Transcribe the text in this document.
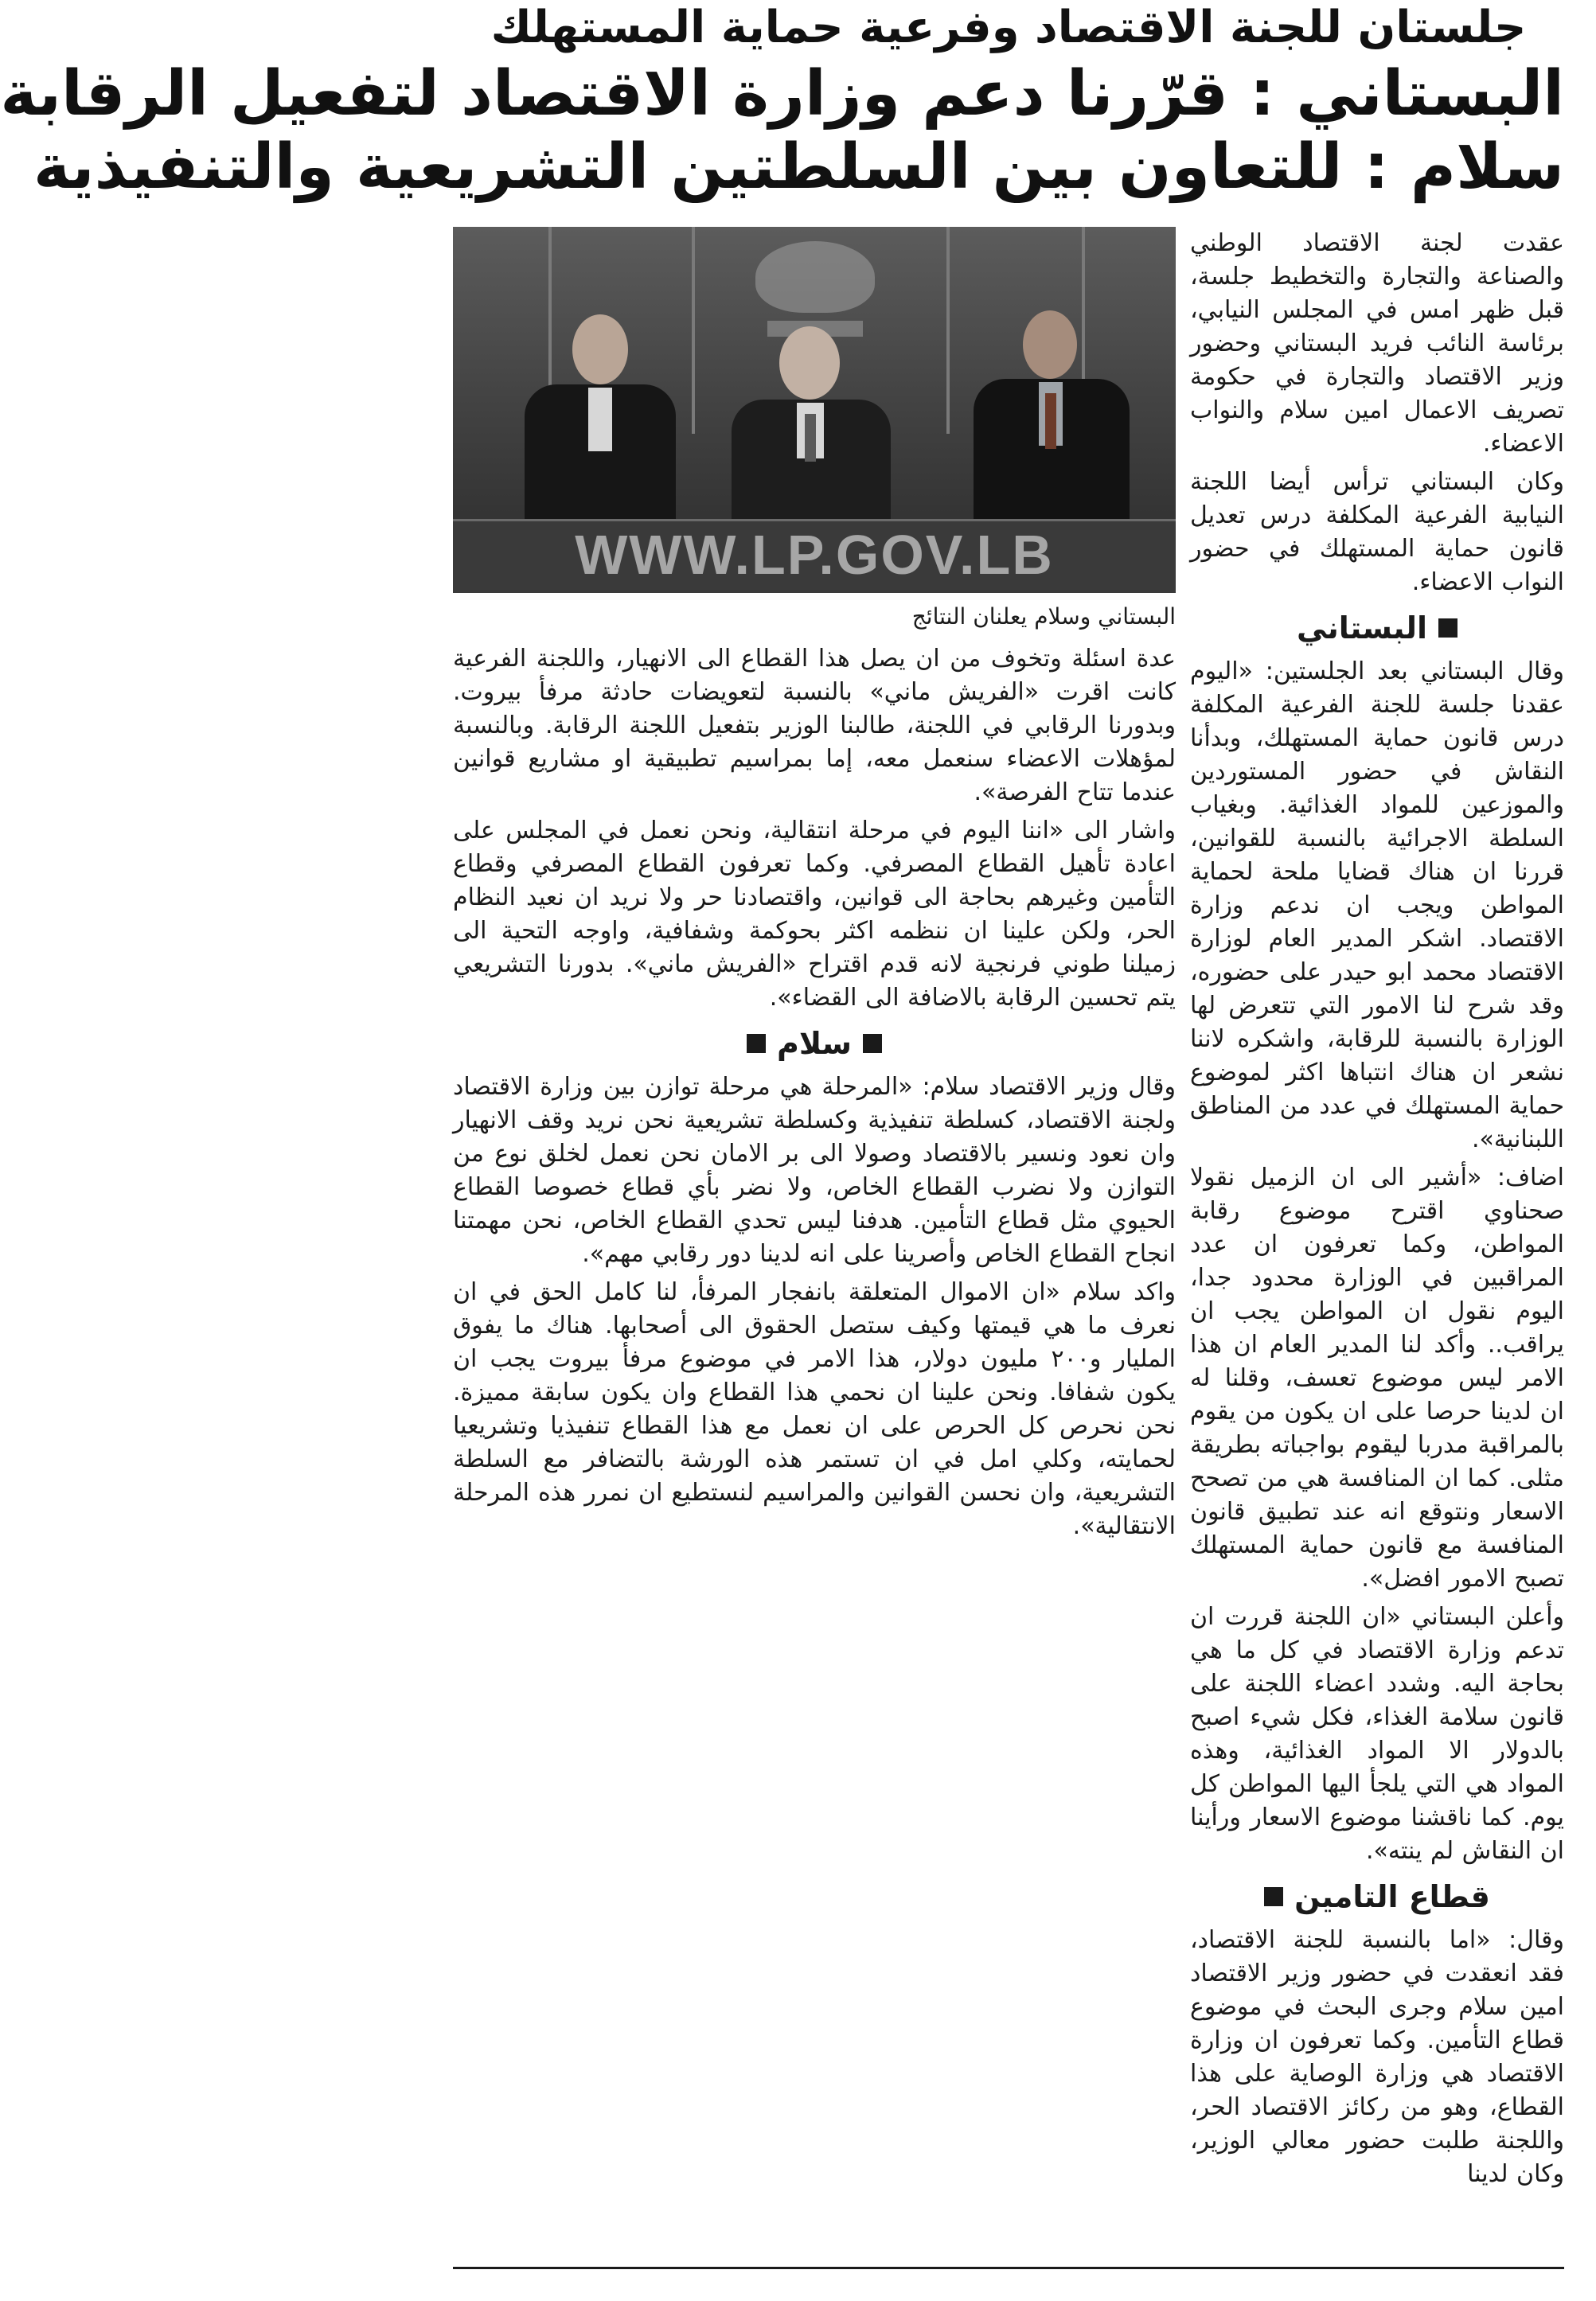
جلستان للجنة الاقتصاد وفرعية حماية المستهلك
البستاني : قرّرنا دعم وزارة الاقتصاد لتفعيل الرقابة
سلام : للتعاون بين السلطتين التشريعية والتنفيذية

عقدت لجنة الاقتصاد الوطني والصناعة والتجارة والتخطيط جلسة، قبل ظهر امس في المجلس النيابي، برئاسة النائب فريد البستاني وحضور وزير الاقتصاد والتجارة في حكومة تصريف الاعمال امين سلام والنواب الاعضاء.

وكان البستاني ترأس أيضا اللجنة النيابية الفرعية المكلفة درس تعديل قانون حماية المستهلك في حضور النواب الاعضاء.

البستاني

وقال البستاني بعد الجلستين: «اليوم عقدنا جلسة للجنة الفرعية المكلفة درس قانون حماية المستهلك، وبدأنا النقاش في حضور المستوردين والموزعين للمواد الغذائية. وبغياب السلطة الاجرائية بالنسبة للقوانين، قررنا ان هناك قضايا ملحة لحماية المواطن ويجب ان ندعم وزارة الاقتصاد. اشكر المدير العام لوزارة الاقتصاد محمد ابو حيدر على حضوره، وقد شرح لنا الامور التي تتعرض لها الوزارة بالنسبة للرقابة، واشكره لاننا نشعر ان هناك انتباها اكثر لموضوع حماية المستهلك في عدد من المناطق اللبنانية».

اضاف: «أشير الى ان الزميل نقولا صحناوي اقترح موضوع رقابة المواطن، وكما تعرفون ان عدد المراقبين في الوزارة محدود جدا، اليوم نقول ان المواطن يجب ان يراقب.. وأكد لنا المدير العام ان هذا الامر ليس موضوع تعسف، وقلنا له ان لدينا حرصا على ان يكون من يقوم بالمراقبة مدربا ليقوم بواجباته بطريقة مثلى. كما ان المنافسة هي من تصحح الاسعار ونتوقع انه عند تطبيق قانون المنافسة مع قانون حماية المستهلك تصبح الامور افضل».

وأعلن البستاني «ان اللجنة قررت ان تدعم وزارة الاقتصاد في كل ما هي بحاجة اليه. وشدد اعضاء اللجنة على قانون سلامة الغذاء، فكل شيء اصبح بالدولار الا المواد الغذائية، وهذه المواد هي التي يلجأ اليها المواطن كل يوم. كما ناقشنا موضوع الاسعار ورأينا ان النقاش لم ينته».

قطاع التامين

وقال: «اما بالنسبة للجنة الاقتصاد، فقد انعقدت في حضور وزير الاقتصاد امين سلام وجرى البحث في موضوع قطاع التأمين. وكما تعرفون ان وزارة الاقتصاد هي وزارة الوصاية على هذا القطاع، وهو من ركائز الاقتصاد الحر، واللجنة طلبت حضور معالي الوزير، وكان لدينا

WWW.LP.GOV.LB
البستاني وسلام يعلنان النتائج

عدة اسئلة وتخوف من ان يصل هذا القطاع الى الانهيار، واللجنة الفرعية كانت اقرت «الفريش ماني» بالنسبة لتعويضات حادثة مرفأ بيروت. وبدورنا الرقابي في اللجنة، طالبنا الوزير بتفعيل اللجنة الرقابة. وبالنسبة لمؤهلات الاعضاء سنعمل معه، إما بمراسيم تطبيقية او مشاريع قوانين عندما تتاح الفرصة».

واشار الى «اننا اليوم في مرحلة انتقالية، ونحن نعمل في المجلس على اعادة تأهيل القطاع المصرفي. وكما تعرفون القطاع المصرفي وقطاع التأمين وغيرهم بحاجة الى قوانين، واقتصادنا حر ولا نريد ان نعيد النظام الحر، ولكن علينا ان ننظمه اكثر بحوكمة وشفافية، واوجه التحية الى زميلنا طوني فرنجية لانه قدم اقتراح «الفريش ماني». بدورنا التشريعي يتم تحسين الرقابة بالاضافة الى القضاء».

سلام

وقال وزير الاقتصاد سلام: «المرحلة هي مرحلة توازن بين وزارة الاقتصاد ولجنة الاقتصاد، كسلطة تنفيذية وكسلطة تشريعية نحن نريد وقف الانهيار وان نعود ونسير بالاقتصاد وصولا الى بر الامان نحن نعمل لخلق نوع من التوازن ولا نضرب القطاع الخاص، ولا نضر بأي قطاع خصوصا القطاع الحيوي مثل قطاع التأمين. هدفنا ليس تحدي القطاع الخاص، نحن مهمتنا انجاح القطاع الخاص وأصرينا على انه لدينا دور رقابي مهم».

واكد سلام «ان الاموال المتعلقة بانفجار المرفأ، لنا كامل الحق في ان نعرف ما هي قيمتها وكيف ستصل الحقوق الى أصحابها. هناك ما يفوق المليار و٢٠٠ مليون دولار، هذا الامر في موضوع مرفأ بيروت يجب ان يكون شفافا. ونحن علينا ان نحمي هذا القطاع وان يكون سابقة مميزة. نحن نحرص كل الحرص على ان نعمل مع هذا القطاع تنفيذيا وتشريعيا لحمايته، وكلي امل في ان تستمر هذه الورشة بالتضافر مع السلطة التشريعية، وان نحسن القوانين والمراسيم لنستطيع ان نمرر هذه المرحلة الانتقالية».
